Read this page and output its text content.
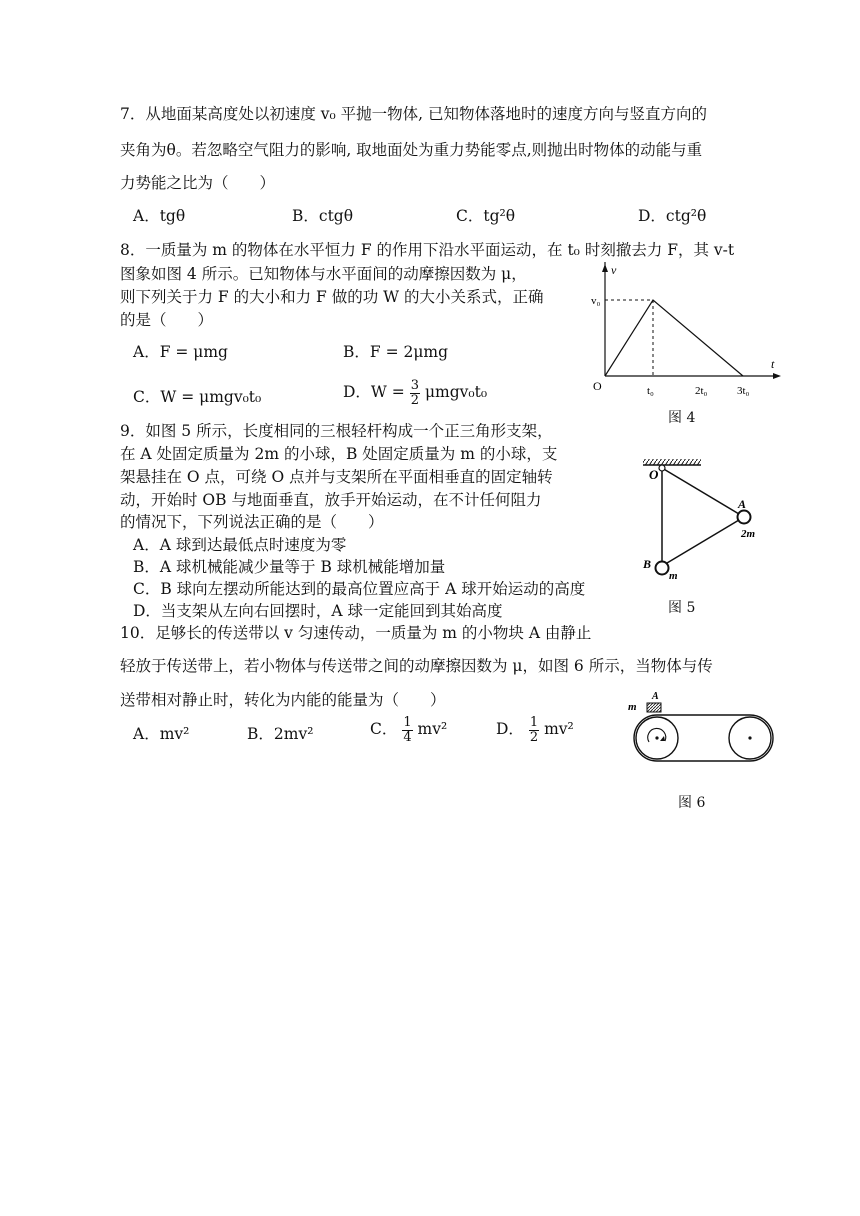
7．从地面某高度处以初速度 v₀ 平抛一物体, 已知物体落地时的速度方向与竖直方向的
夹角为θ。若忽略空气阻力的影响, 取地面处为重力势能零点,则抛出时物体的动能与重
力势能之比为（　　）
A．tgθ	B．ctgθ	C．tg²θ	D．ctg²θ
8．一质量为 m 的物体在水平恒力 F 的作用下沿水平面运动，在 t₀ 时刻撤去力 F，其 v-t
图象如图 4 所示。已知物体与水平面间的动摩擦因数为 μ，
则下列关于力 F 的大小和力 F 做的功 W 的大小关系式，正确
的是（　　）
A．F = μmg	B．F = 2μmg
C．W = μmgv₀t₀	D．$W = \frac{3}{2} \mu mgv_0t_0$
v
t
v₀
O	t₀	2t₀	3t₀
图 4
9．如图 5 所示，长度相同的三根轻杆构成一个正三角形支架，
在 A 处固定质量为 2m 的小球，B 处固定质量为 m 的小球，支
架悬挂在 O 点，可绕 O 点并与支架所在平面相垂直的固定轴转
动，开始时 OB 与地面垂直，放手开始运动，在不计任何阻力
的情况下，下列说法正确的是（　　）
A．A 球到达最低点时速度为零
B．A 球机械能减少量等于 B 球机械能增加量
C．B 球向左摆动所能达到的最高位置应高于 A 球开始运动的高度
D．当支架从左向右回摆时，A 球一定能回到其始高度
O
A
2m
B
m
图 5
10．足够长的传送带以 v 匀速传动，一质量为 m 的小物块 A 由静止
轻放于传送带上，若小物体与传送带之间的动摩擦因数为 μ，如图 6 所示，当物体与传
送带相对静止时，转化为内能的能量为（　　）
A．mv²	B．2mv²	C． $\frac{1}{4} mv^2$	D． $\frac{1}{2} mv^2$
m
A
图 6
